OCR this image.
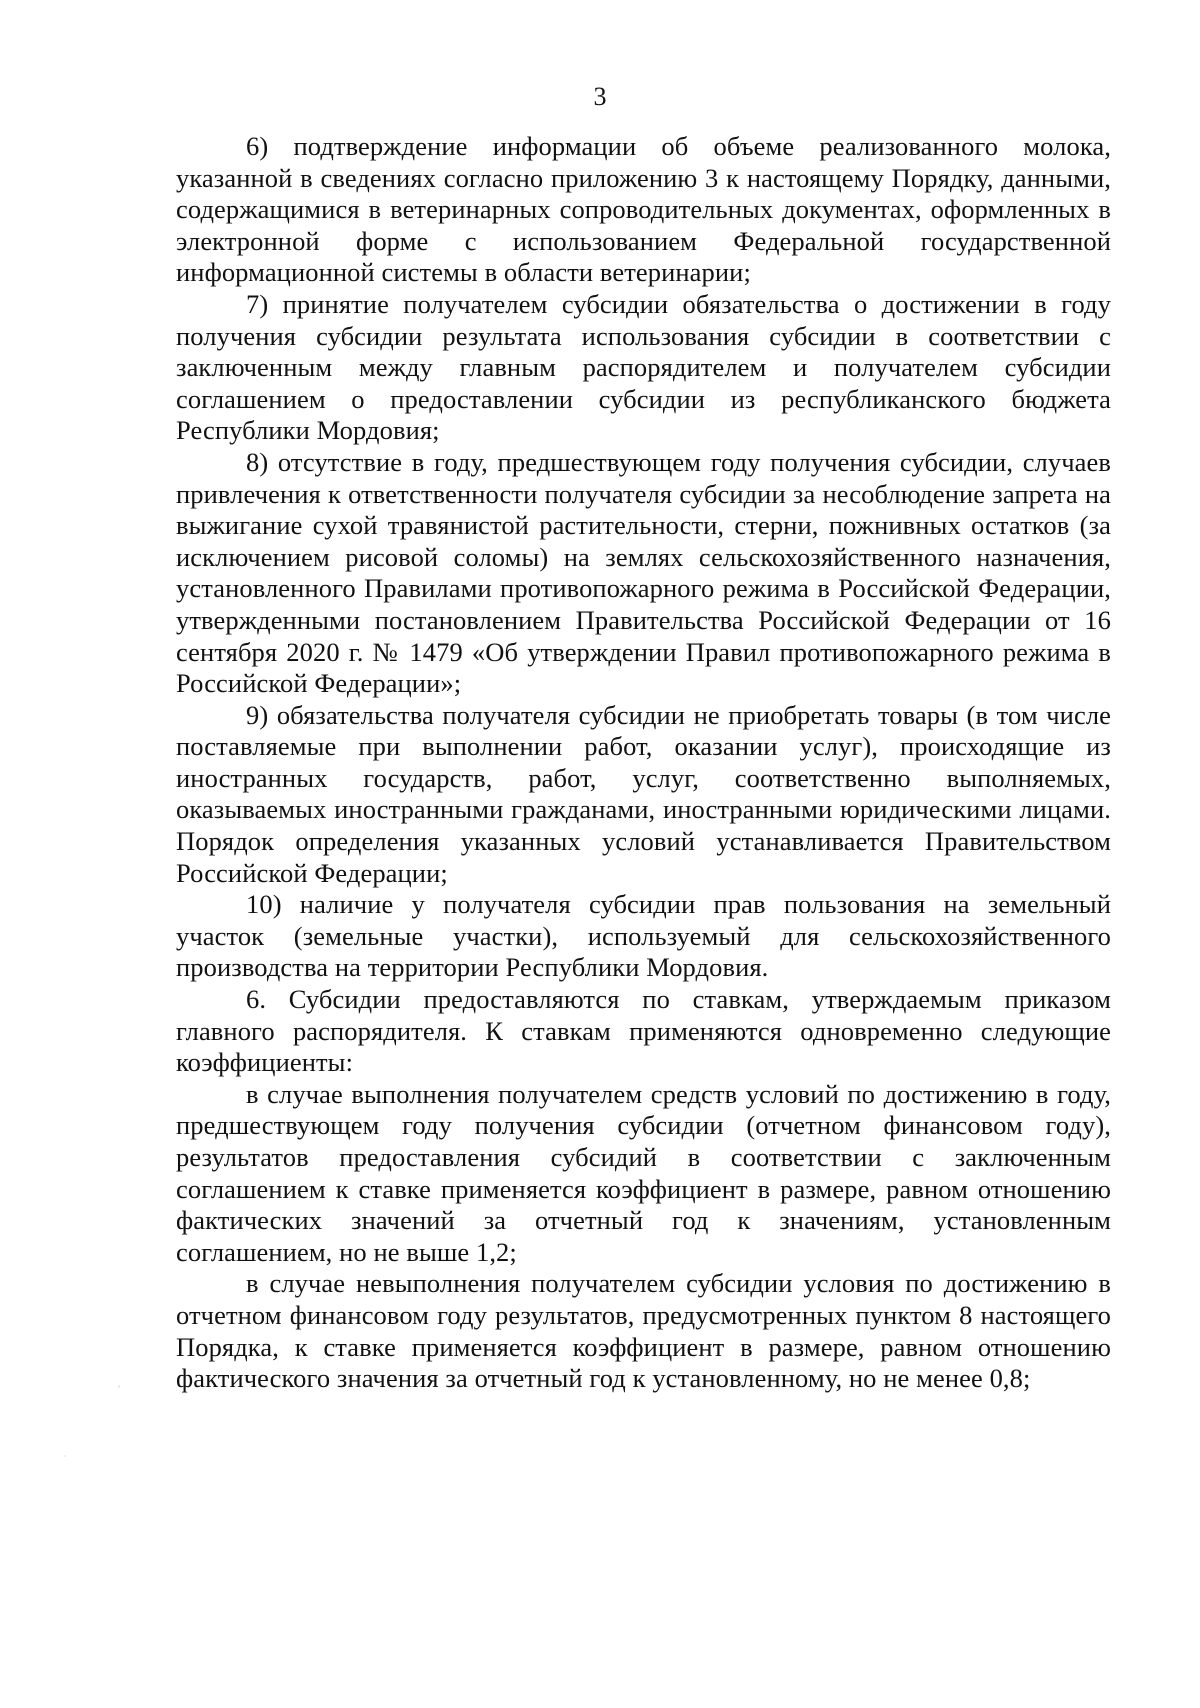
3

6) подтверждение информации об объеме реализованного молока, указанной в сведениях согласно приложению 3 к настоящему Порядку, данными, содержащимися в ветеринарных сопроводительных документах, оформленных в электронной форме с использованием Федеральной государственной информационной системы в области ветеринарии;

7) принятие получателем субсидии обязательства о достижении в году получения субсидии результата использования субсидии в соответствии с заключенным между главным распорядителем и получателем субсидии соглашением о предоставлении субсидии из республиканского бюджета Республики Мордовия;

8) отсутствие в году, предшествующем году получения субсидии, случаев привлечения к ответственности получателя субсидии за несоблюдение запрета на выжигание сухой травянистой растительности, стерни, пожнивных остатков (за исключением рисовой соломы) на землях сельскохозяйственного назначения, установленного Правилами противопожарного режима в Российской Федерации, утвержденными постановлением Правительства Российской Федерации от 16 сентября 2020 г. № 1479 «Об утверждении Правил противопожарного режима в Российской Федерации»;

9) обязательства получателя субсидии не приобретать товары (в том числе поставляемые при выполнении работ, оказании услуг), происходящие из иностранных государств, работ, услуг, соответственно выполняемых, оказываемых иностранными гражданами, иностранными юридическими лицами. Порядок определения указанных условий устанавливается Правительством Российской Федерации;

10) наличие у получателя субсидии прав пользования на земельный участок (земельные участки), используемый для сельскохозяйственного производства на территории Республики Мордовия.

6. Субсидии предоставляются по ставкам, утверждаемым приказом главного распорядителя. К ставкам применяются одновременно следующие коэффициенты:

в случае выполнения получателем средств условий по достижению в году, предшествующем году получения субсидии (отчетном финансовом году), результатов предоставления субсидий в соответствии с заключенным соглашением к ставке применяется коэффициент в размере, равном отношению фактических значений за отчетный год к значениям, установленным соглашением, но не выше 1,2;

в случае невыполнения получателем субсидии условия по достижению в отчетном финансовом году результатов, предусмотренных пунктом 8 настоящего Порядка, к ставке применяется коэффициент в размере, равном отношению фактического значения за отчетный год к установленному, но не менее 0,8;
